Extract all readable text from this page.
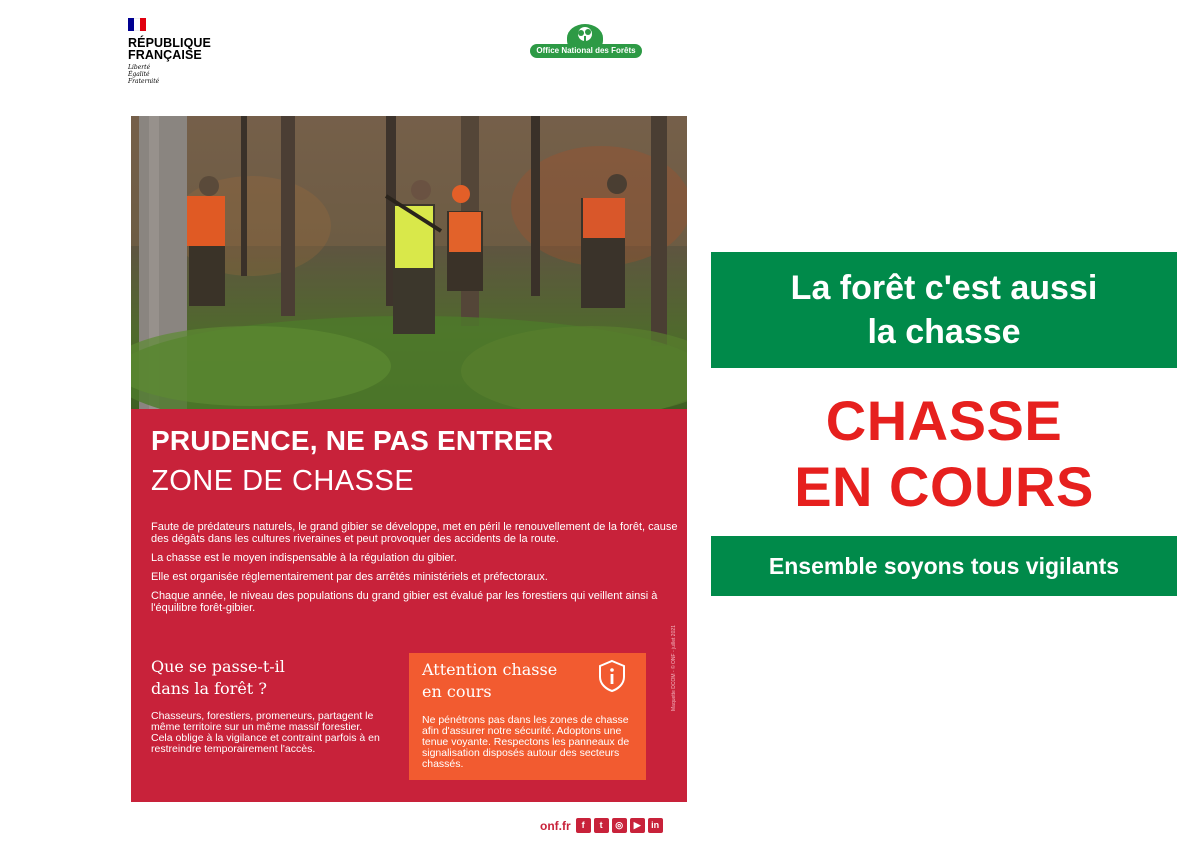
RÉPUBLIQUE
FRANÇAISE
Liberté
Égalité
Fraternité
Office National des Forêts
PRUDENCE, NE PAS ENTRER
ZONE DE CHASSE

Faute de prédateurs naturels, le grand gibier se développe, met en péril le renouvellement de la forêt, cause des dégâts dans les cultures riveraines et peut provoquer des accidents de la route.

La chasse est le moyen indispensable à la régulation du gibier.

Elle est organisée réglementairement par des arrêtés ministériels et préfectoraux.

Chaque année, le niveau des populations du grand gibier est évalué par les forestiers qui veillent ainsi à l'équilibre forêt-gibier.

Que se passe-t-il
dans la forêt ?
Chasseurs, forestiers, promeneurs, partagent le même territoire sur un même massif forestier. Cela oblige à la vigilance et contraint parfois à en restreindre temporairement l'accès.
Attention chasse
en cours
Ne pénétrons pas dans les zones de chasse afin d'assurer notre sécurité. Adoptons une tenue voyante. Respectons les panneaux de signalisation disposés autour des secteurs chassés.
Maquette DCOM - © ONF - juillet 2021
onf.fr	f	t	◎	▶	in
La forêt c'est aussi
la chasse
CHASSE
EN COURS
Ensemble soyons tous vigilants
